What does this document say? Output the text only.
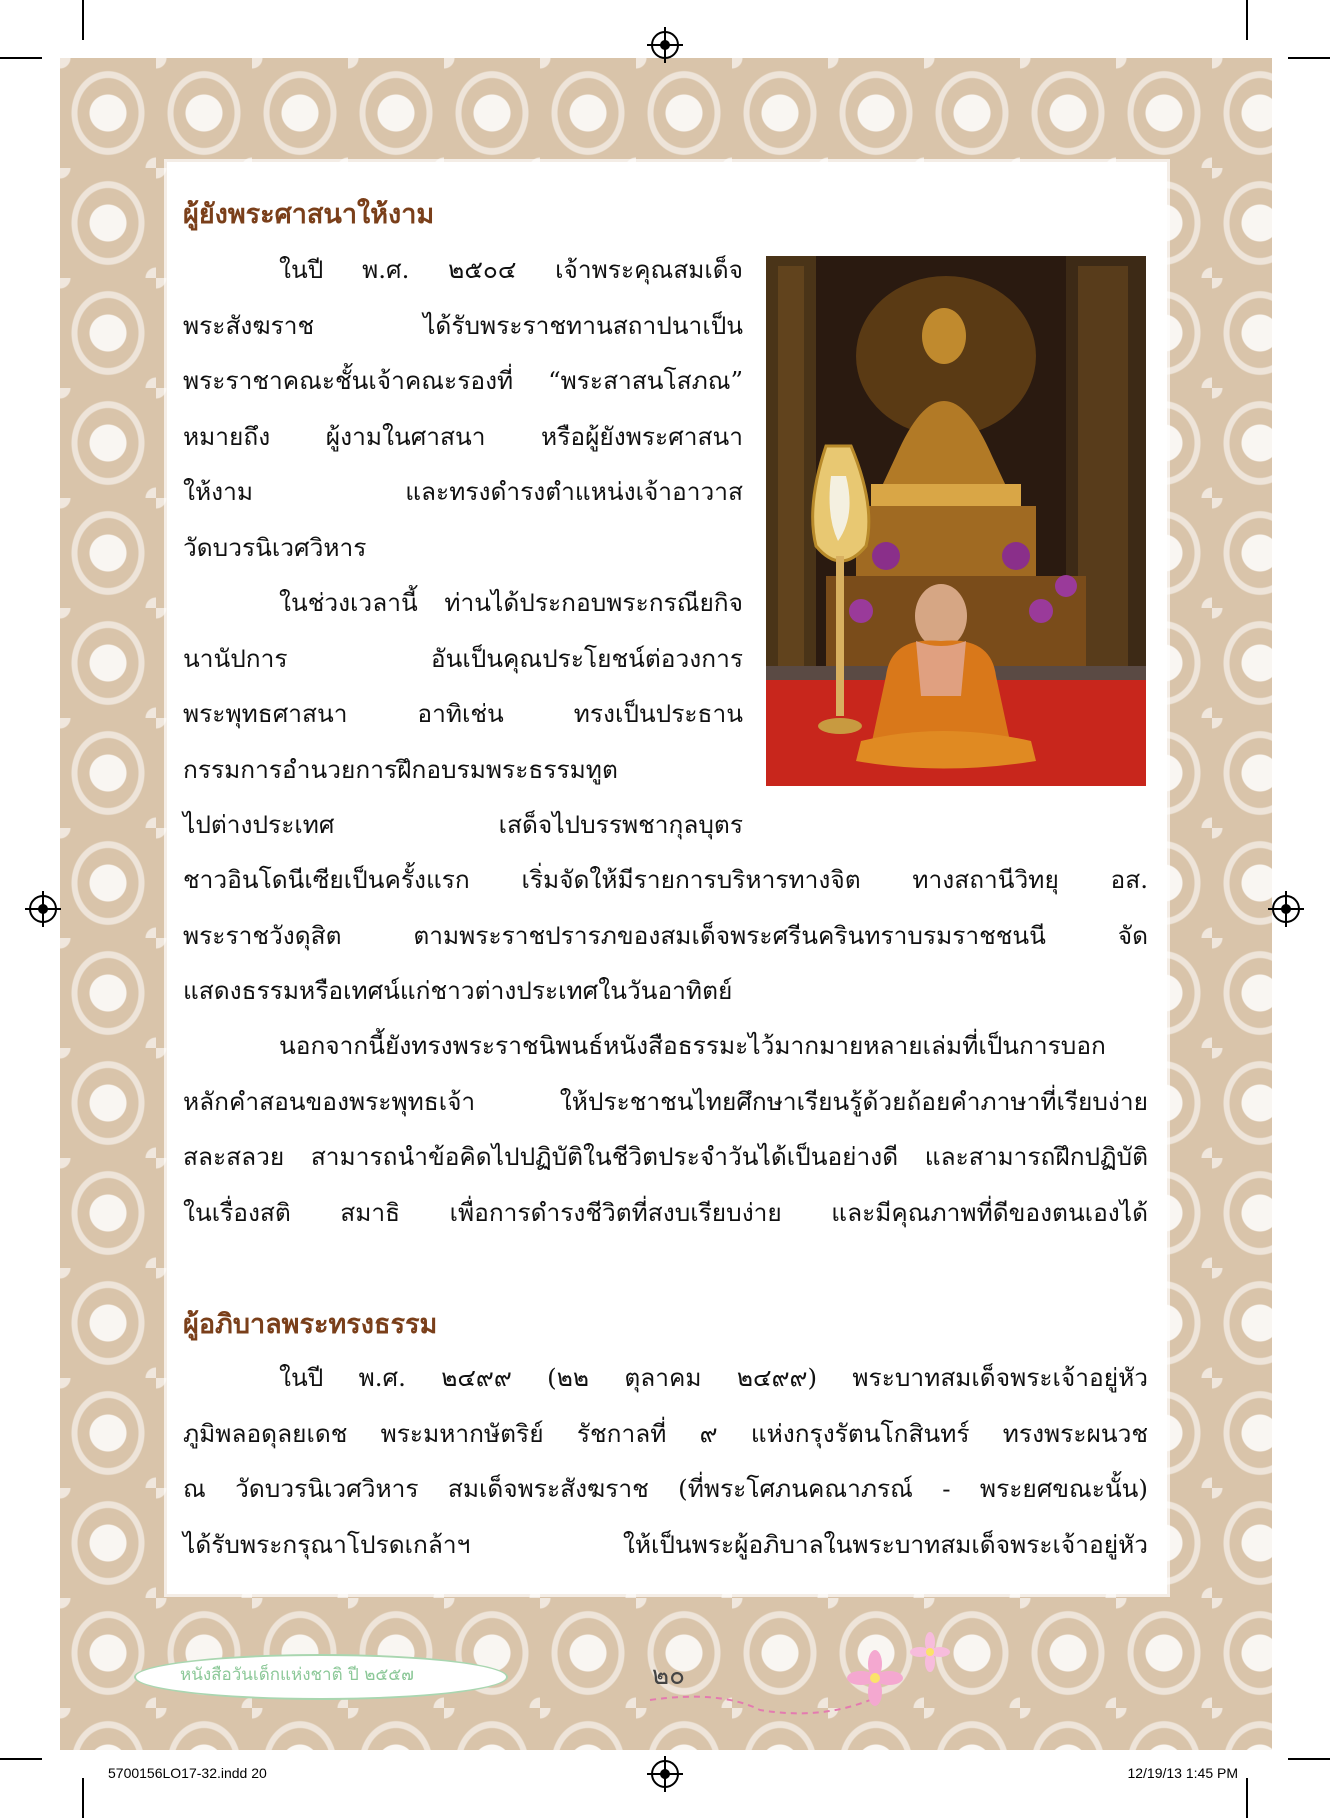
ผู้ยังพระศาสนาให้งาม
ในปี พ.ศ. ๒๕๐๔ เจ้าพระคุณสมเด็จ
พระสังฆราช ได้รับพระราชทานสถาปนาเป็น
พระราชาคณะชั้นเจ้าคณะรองที่ “พระสาสนโสภณ”
หมายถึง ผู้งามในศาสนา หรือผู้ยังพระศาสนา
ให้งาม และทรงดำรงตำแหน่งเจ้าอาวาส
วัดบวรนิเวศวิหาร
ในช่วงเวลานี้ ท่านได้ประกอบพระกรณียกิจ
นานัปการ อันเป็นคุณประโยชน์ต่อวงการ
พระพุทธศาสนา อาทิเช่น ทรงเป็นประธาน
กรรมการอำนวยการฝึกอบรมพระธรรมทูต
ไปต่างประเทศ เสด็จไปบรรพชากุลบุตร
ชาวอินโดนีเซียเป็นครั้งแรก เริ่มจัดให้มีรายการบริหารทางจิต ทางสถานีวิทยุ อส.
พระราชวังดุสิต ตามพระราชปรารภของสมเด็จพระศรีนครินทราบรมราชชนนี จัด
แสดงธรรมหรือเทศน์แก่ชาวต่างประเทศในวันอาทิตย์
นอกจากนี้ยังทรงพระราชนิพนธ์หนังสือธรรมะไว้มากมายหลายเล่มที่เป็นการบอก
หลักคำสอนของพระพุทธเจ้า ให้ประชาชนไทยศึกษาเรียนรู้ด้วยถ้อยคำภาษาที่เรียบง่าย
สละสลวย สามารถนำข้อคิดไปปฏิบัติในชีวิตประจำวันได้เป็นอย่างดี และสามารถฝึกปฏิบัติ
ในเรื่องสติ สมาธิ เพื่อการดำรงชีวิตที่สงบเรียบง่าย และมีคุณภาพที่ดีของตนเองได้
ผู้อภิบาลพระทรงธรรม
ในปี พ.ศ. ๒๔๙๙ (๒๒ ตุลาคม ๒๔๙๙) พระบาทสมเด็จพระเจ้าอยู่หัว
ภูมิพลอดุลยเดช พระมหากษัตริย์ รัชกาลที่ ๙ แห่งกรุงรัตนโกสินทร์ ทรงพระผนวช
ณ วัดบวรนิเวศวิหาร สมเด็จพระสังฆราช (ที่พระโศภนคณาภรณ์ - พระยศขณะนั้น)
ได้รับพระกรุณาโปรดเกล้าฯ ให้เป็นพระผู้อภิบาลในพระบาทสมเด็จพระเจ้าอยู่หัว
หนังสือวันเด็กแห่งชาติ ปี ๒๕๕๗	๒๐
5700156LO17-32.indd 20	12/19/13 1:45 PM
